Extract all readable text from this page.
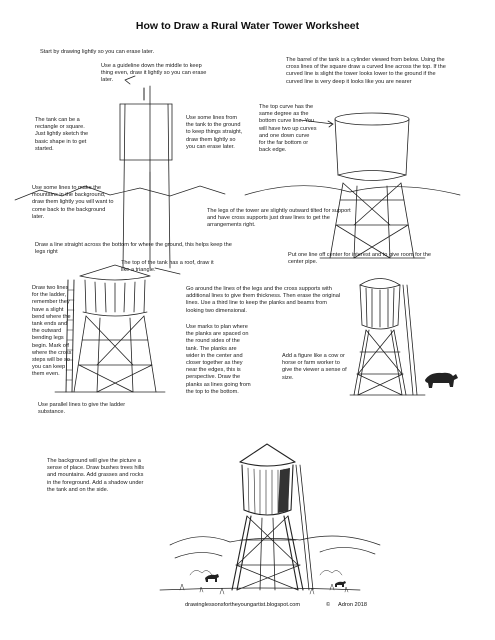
How to Draw a Rural Water Tower Worksheet
Start by drawing lightly so you can erase later.
Use a guideline down the middle to keep thing even, draw it lightly so you can erase later.
The barrel of the tank is a cylinder viewed from below. Using the cross lines of the square draw a curved line across the top. If the curved line is slight the tower looks lower to the ground if the curved line is very deep it looks like you are nearer
The tank can be a rectangle or square. Just lightly sketch the basic shape in to get started.
Use some lines from the tank to the ground to keep things straight, draw them lightly so you can erase later.
The top curve has the same degree as the bottom curve line. You will have two up curves and one down curve for the far bottom or back edge.
Use some lines to make the mountains in the background, draw them lightly you will want to come back to the background later.
The legs of the tower are slightly outward tilted for support and have cross supports just draw lines to get the arrangements right.
Draw a line straight across the bottom for where the ground, this helps keep the legs right	Put one line off center for interest and to give room for the center pipe.
The top of the tank has a roof, draw it like a triangle.
Draw two lines for the ladder, remember they have a slight bend where the tank ends and the outward bending legs begin. Mark off where the cross steps will be so you can keep them even.
Go around the lines of the legs and the cross supports with additional lines to give them thickness. Then erase the original lines. Use a third line to keep the planks and beams from looking two dimensional.
Use marks to plan where the planks are spaced on the round sides of the tank. The planks are wider in the center and closer together as they near the edges, this is perspective. Draw the planks as lines going from the top to the bottom.
Add a figure like a cow or horse or farm worker to give the viewer a sense of size.
Use parallel lines to give the ladder substance.
The background will give the picture a sense of place. Draw bushes trees hills and mountains. Add grasses and rocks in the foreground. Add a shadow under the tank and on the side.
drawinglessonsfortheyoungartist.blogspot.com	© Adron 2018
